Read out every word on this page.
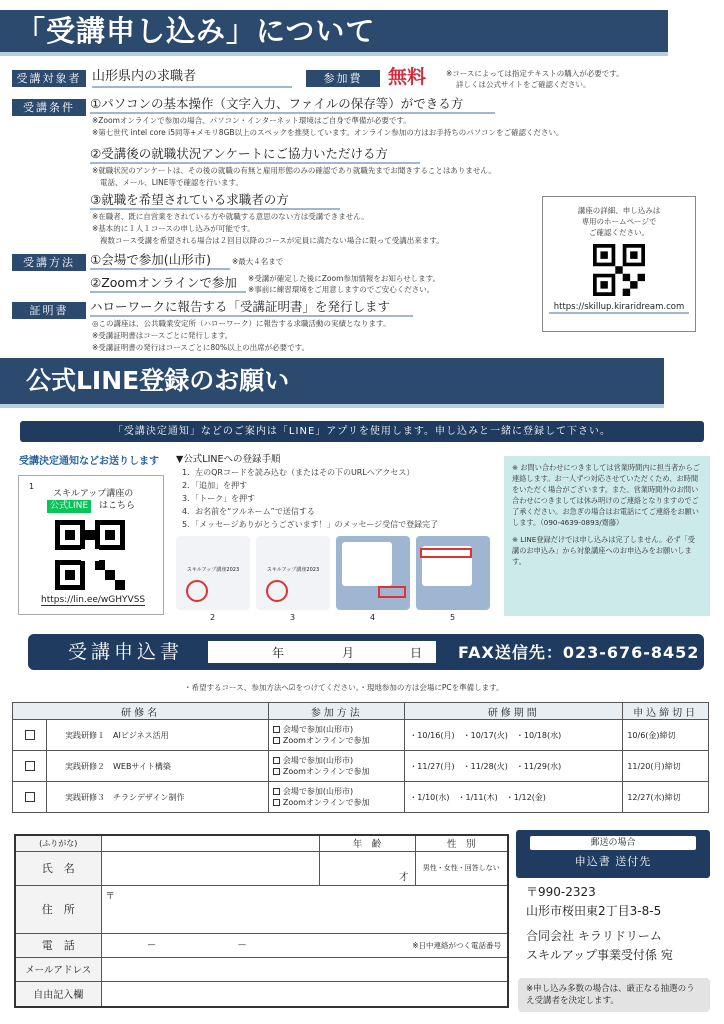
「受講申し込み」について
受講対象者 山形県内の求職者	参加費	無料	※コースによっては指定テキストの購入が必要です。
詳しくは公式サイトをご確認ください。
受講条件	①パソコンの基本操作（文字入力、ファイルの保存等）ができる方
※Zoomオンラインで参加の場合、パソコン・インターネット環境はご自身で準備が必要です。
※第七世代 intel core i5同等+メモリ8GB以上のスペックを推奨しています。オンライン参加の方はお手持ちのパソコンをご確認ください。
②受講後の就職状況アンケートにご協力いただける方
※就職状況のアンケートは、その後の就職の有無と雇用形態のみの確認であり就職先までお聞きすることはありません。
電話、メール、LINE等で確認を行います。
③就職を希望されている求職者の方
※在職者、既に自営業をされている方や就職する意思のない方は受講できません。
※基本的に１人１コースの申し込みが可能です。
複数コース受講を希望される場合は２回目以降のコースが定員に満たない場合に限って受講出来ます。
受講方法	①会場で参加(山形市)	※最大４名まで
②Zoomオンラインで参加	※受講が確定した後にZoom参加情報をお知らせします。
※事前に練習環境をご用意しますのでご安心ください。
証明書	ハローワークに報告する「受講証明書」を発行します
◎この講座は、公共職業安定所（ハローワーク）に報告する求職活動の実績となります。
※受講証明書はコースごとに発行します。
※受講証明書の発行はコースごとに80%以上の出席が必要です。
講座の詳細、申し込みは
専用のホームページで
ご確認ください。
https://skillup.kiraridream.com
公式LINE登録のお願い
「受講決定通知」などのご案内は「LINE」アプリを使用します。申し込みと一緒に登録して下さい。
受講決定通知などお送りします
1
スキルアップ講座の
公式LINE	はこちら
https://lin.ee/wGHYVSS
▼公式LINEへの登録手順
1．左のQRコードを読み込む（またはその下のURLへアクセス）
2．「追加」を押す
3．「トーク」を押す
4．お名前を“フルネーム”で送信する
5．「メッセージありがとうございます！」のメッセージ受信で登録完了
スキルアップ講座2023	スキルアップ講座2023
2	3	4	5
※ お問い合わせにつきましては営業時間内に担当者からご連絡します。お一人ずつ対応させていただくため、お時間をいただく場合がございます。また、営業時間外のお問い合わせにつきましては休み明けのご連絡となりますのでご了承ください。お急ぎの場合はお電話にてご連絡をお願いします。（090-4639-0893/齋藤）
※ LINE登録だけでは申し込みは完了しません。必ず「受講のお申込み」から対象講座へのお申込みをお願いします。
受講申込書	年	月	日 FAX送信先：023-676-8452
・希望するコース、参加方法へ☑をつけてください。・現地参加の方は会場にPCを準備します。
研修名		参加方法	研修期間	申込締切日
	実践研修１　AIビジネス活用	会場で参加(山形市)
Zoomオンラインで参加	・10/16(月)　・10/17(火)　・10/18(水)	10/6(金)締切
	実践研修２　WEBサイト構築	会場で参加(山形市)
Zoomオンラインで参加	・11/27(月)　・11/28(火)　・11/29(水)	11/20(月)締切
	実践研修３　チラシデザイン制作	会場で参加(山形市)
Zoomオンラインで参加	・1/10(水)　・1/11(木)　・1/12(金)	12/27(水)締切
(ふりがな)		年　齢	性　別
氏　名		才	男性・女性・回答しない
住　所	〒		
電　話	— — ※日中連絡がつく電話番号		

メールアドレス			
自由記入欄			
郵送の場合
申込書 送付先
〒990-2323
山形市桜田東2丁目3-8-5
合同会社 キラリドリーム
スキルアップ事業受付係 宛
※申し込み多数の場合は、厳正なる抽選のうえ受講者を決定します。
